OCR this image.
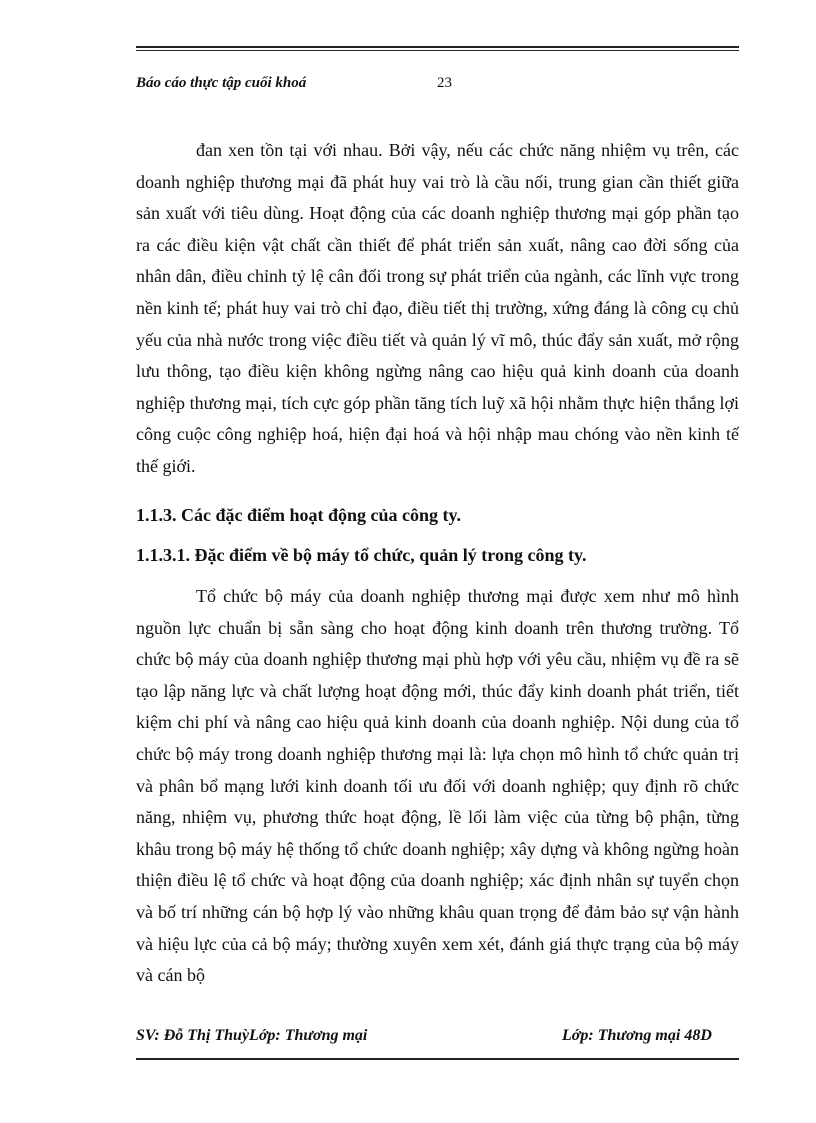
Báo cáo thực tập cuối khoá	23

đan xen tồn tại với nhau. Bởi vậy, nếu các chức năng nhiệm vụ trên, các doanh nghiệp thương mại đã phát huy vai trò là cầu nối, trung gian cần thiết giữa sản xuất với tiêu dùng. Hoạt động của các doanh nghiệp thương mại góp phần tạo ra các điều kiện vật chất cần thiết để phát triển sản xuất, nâng cao đời sống của nhân dân, điều chỉnh tỷ lệ cân đối trong sự phát triển của ngành, các lĩnh vực trong nền kinh tế; phát huy vai trò chỉ đạo, điều tiết thị trường, xứng đáng là công cụ chủ yếu của nhà nước trong việc điều tiết và quản lý vĩ mô, thúc đẩy sản xuất, mở rộng lưu thông, tạo điều kiện không ngừng nâng cao hiệu quả kinh doanh của doanh nghiệp thương mại, tích cực góp phần tăng tích luỹ xã hội nhằm thực hiện thắng lợi công cuộc công nghiệp hoá, hiện đại hoá và hội nhập mau chóng vào nền kinh tế thế giới.

1.1.3. Các đặc điểm hoạt động của công ty.

1.1.3.1. Đặc điểm về bộ máy tổ chức, quản lý trong công ty.

Tổ chức bộ máy của doanh nghiệp thương mại được xem như mô hình nguồn lực chuẩn bị sẵn sàng cho hoạt động kinh doanh trên thương trường. Tổ chức bộ máy của doanh nghiệp thương mại phù hợp với yêu cầu, nhiệm vụ đề ra sẽ tạo lập năng lực và chất lượng hoạt động mới, thúc đẩy kinh doanh phát triển, tiết kiệm chi phí và nâng cao hiệu quả kinh doanh của doanh nghiệp. Nội dung của tổ chức bộ máy trong doanh nghiệp thương mại là: lựa chọn mô hình tổ chức quản trị và phân bổ mạng lưới kinh doanh tối ưu đối với doanh nghiệp; quy định rõ chức năng, nhiệm vụ, phương thức hoạt động, lề lối làm việc của từng bộ phận, từng khâu trong bộ máy hệ thống tổ chức doanh nghiệp; xây dựng và không ngừng hoàn thiện điều lệ tổ chức và hoạt động của doanh nghiệp; xác định nhân sự tuyển chọn và bố trí những cán bộ hợp lý vào những khâu quan trọng để đảm bảo sự vận hành và hiệu lực của cả bộ máy; thường xuyên xem xét, đánh giá thực trạng của bộ máy và cán bộ

SV: Đỗ Thị ThuỳLớp: Thương mại	Lớp: Thương mại 48D
